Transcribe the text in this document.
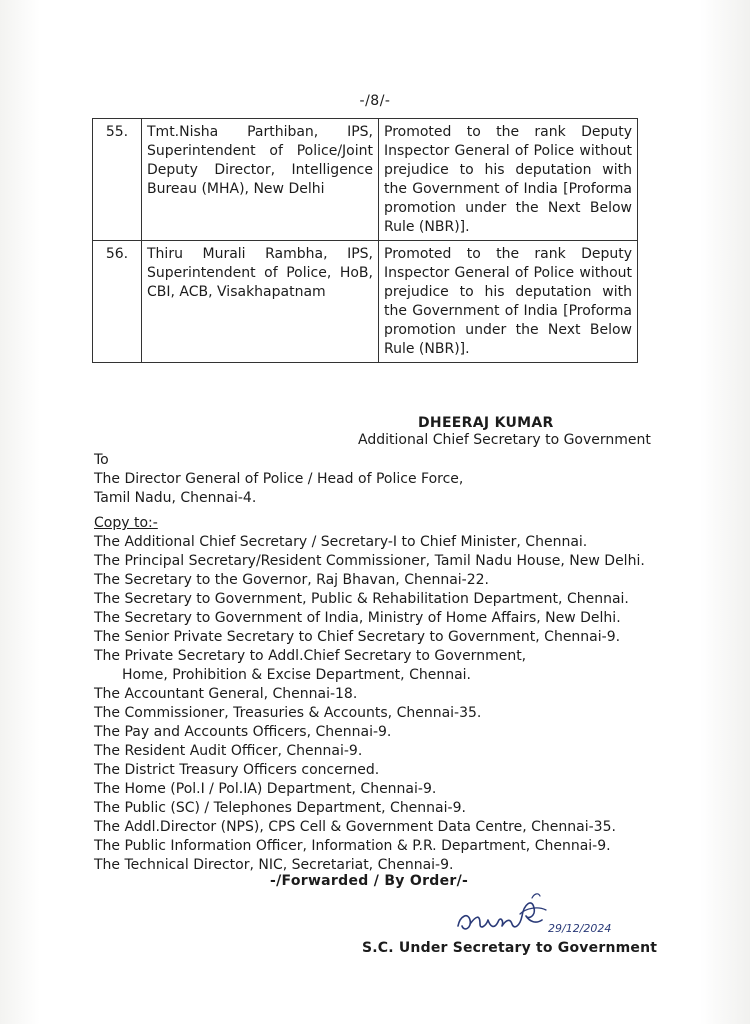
-/8/-
55.	Tmt.Nisha Parthiban, IPS, Superintendent of Police/Joint Deputy Director, Intelligence Bureau (MHA), New Delhi	Promoted to the rank Deputy Inspector General of Police without prejudice to his deputation with the Government of India [Proforma promotion under the Next Below Rule (NBR)].
56.	Thiru Murali Rambha, IPS, Superintendent of Police, HoB, CBI, ACB, Visakhapatnam	Promoted to the rank Deputy Inspector General of Police without prejudice to his deputation with the Government of India [Proforma promotion under the Next Below Rule (NBR)].
DHEERAJ KUMAR
Additional Chief Secretary to Government
To
The Director General of Police / Head of Police Force,
Tamil Nadu, Chennai-4.
Copy to:-
The Additional Chief Secretary / Secretary-I to Chief Minister, Chennai.
The Principal Secretary/Resident Commissioner, Tamil Nadu House, New Delhi.
The Secretary to the Governor, Raj Bhavan, Chennai-22.
The Secretary to Government, Public & Rehabilitation Department, Chennai.
The Secretary to Government of India, Ministry of Home Affairs, New Delhi.
The Senior Private Secretary to Chief Secretary to Government, Chennai-9.
The Private Secretary to Addl.Chief Secretary to Government,
Home, Prohibition & Excise Department, Chennai.
The Accountant General, Chennai-18.
The Commissioner, Treasuries & Accounts, Chennai-35.
The Pay and Accounts Officers, Chennai-9.
The Resident Audit Officer, Chennai-9.
The District Treasury Officers concerned.
The Home (Pol.I / Pol.IA) Department, Chennai-9.
The Public (SC) / Telephones Department, Chennai-9.
The Addl.Director (NPS), CPS Cell & Government Data Centre, Chennai-35.
The Public Information Officer, Information & P.R. Department, Chennai-9.
The Technical Director, NIC, Secretariat, Chennai-9.
-/Forwarded / By Order/-
29/12/2024
S.C. Under Secretary to Government
